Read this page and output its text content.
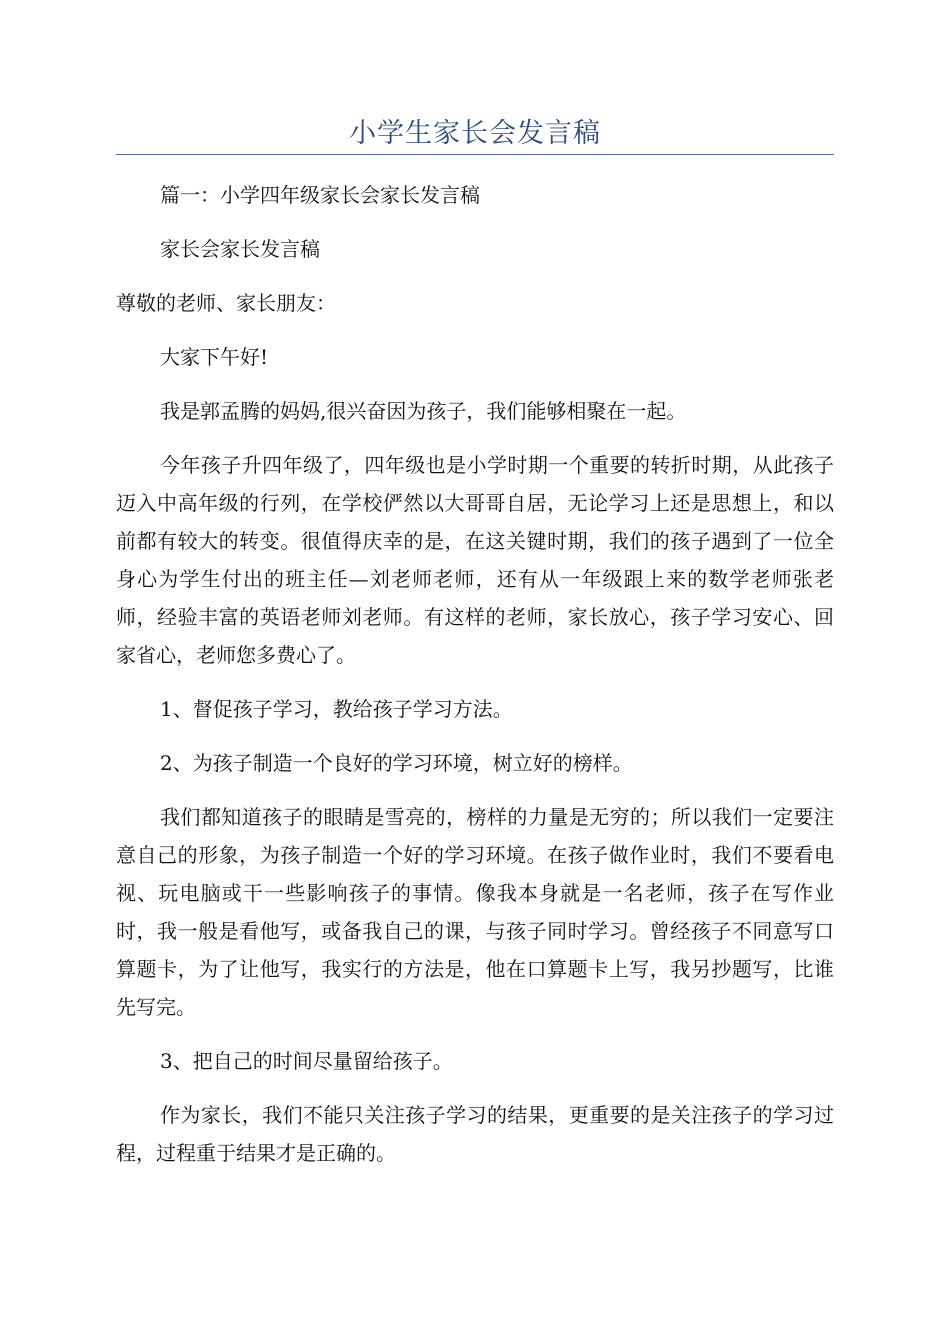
小学生家长会发言稿

篇一：小学四年级家长会家长发言稿

家长会家长发言稿

尊敬的老师、家长朋友：

大家下午好!

我是郭孟腾的妈妈,很兴奋因为孩子，我们能够相聚在一起。

今年孩子升四年级了，四年级也是小学时期一个重要的转折时期，从此孩子迈入中高年级的行列，在学校俨然以大哥哥自居，无论学习上还是思想上，和以前都有较大的转变。很值得庆幸的是，在这关键时期，我们的孩子遇到了一位全身心为学生付出的班主任—刘老师老师，还有从一年级跟上来的数学老师张老师，经验丰富的英语老师刘老师。有这样的老师，家长放心，孩子学习安心、回家省心，老师您多费心了。

1、督促孩子学习，教给孩子学习方法。

2、为孩子制造一个良好的学习环境，树立好的榜样。

我们都知道孩子的眼睛是雪亮的，榜样的力量是无穷的；所以我们一定要注意自己的形象，为孩子制造一个好的学习环境。在孩子做作业时，我们不要看电视、玩电脑或干一些影响孩子的事情。像我本身就是一名老师，孩子在写作业时，我一般是看他写，或备我自己的课，与孩子同时学习。曾经孩子不同意写口算题卡，为了让他写，我实行的方法是，他在口算题卡上写，我另抄题写，比谁先写完。

3、把自己的时间尽量留给孩子。

作为家长，我们不能只关注孩子学习的结果，更重要的是关注孩子的学习过程，过程重于结果才是正确的。
